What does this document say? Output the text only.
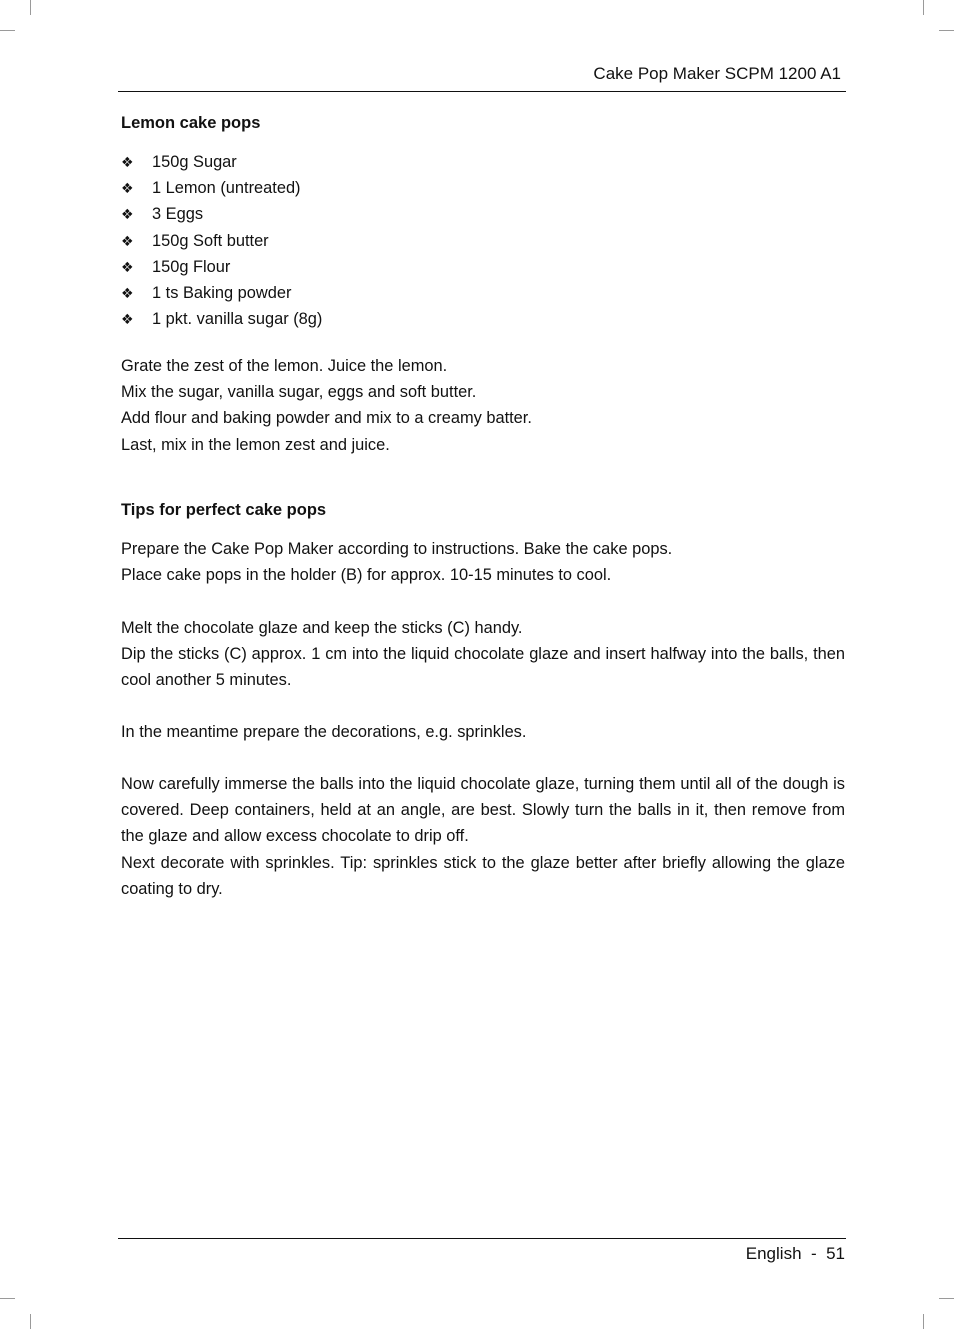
Cake Pop Maker SCPM 1200 A1
Lemon cake pops
❖ 150g Sugar
❖ 1 Lemon (untreated)
❖ 3 Eggs
❖ 150g Soft butter
❖ 150g Flour
❖ 1 ts Baking powder
❖ 1 pkt. vanilla sugar (8g)
Grate the zest of the lemon. Juice the lemon.
Mix the sugar, vanilla sugar, eggs and soft butter.
Add flour and baking powder and mix to a creamy batter.
Last, mix in the lemon zest and juice.
Tips for perfect cake pops
Prepare the Cake Pop Maker according to instructions. Bake the cake pops.
Place cake pops in the holder (B) for approx. 10-15 minutes to cool.
Melt the chocolate glaze and keep the sticks (C) handy.
Dip the sticks (C) approx. 1 cm into the liquid chocolate glaze and insert halfway into the balls, then cool another 5 minutes.
In the meantime prepare the decorations, e.g. sprinkles.
Now carefully immerse the balls into the liquid chocolate glaze, turning them until all of the dough is covered. Deep containers, held at an angle, are best. Slowly turn the balls in it, then remove from the glaze and allow excess chocolate to drip off.
Next decorate with sprinkles. Tip: sprinkles stick to the glaze better after briefly allowing the glaze coating to dry.
English  -  51
